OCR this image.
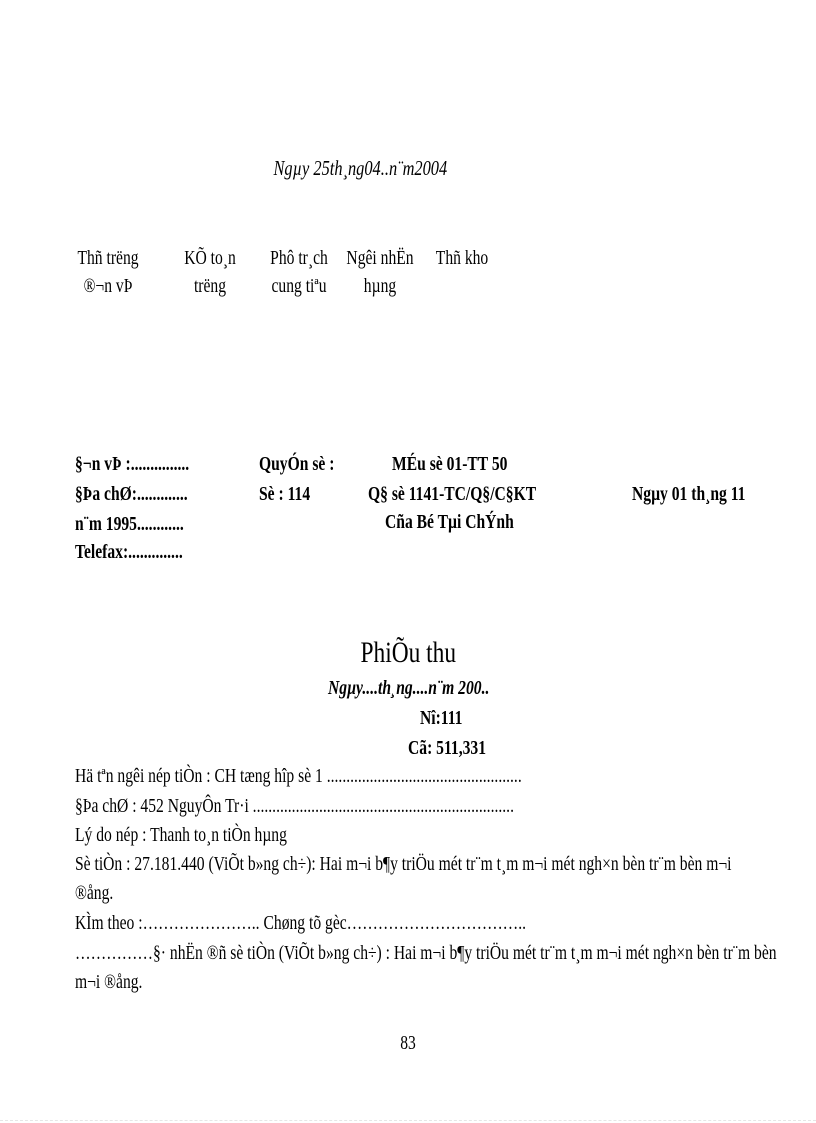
Ngµy 25th¸ng04..n¨m2004
Thñ trëng
®¬n vÞ
KÕ to¸n
trëng
Phô tr¸ch
cung tiªu
Ngêi nhËn
hµng
Thñ kho
§¬n vÞ :...............
§Þa chØ:.............
n¨m 1995............
Telefax:..............
QuyÓn sè :
Sè : 114
MÉu sè 01-TT 50
Q§ sè 1141-TC/Q§/C§KT
Cña Bé Tµi ChÝnh
Ngµy 01 th¸ng 11
PhiÕu thu
Ngµy....th¸ng....n¨m 200..
Nî:111
Cã: 511,331
Hä tªn ngêi nép tiÒn : CH tæng hîp sè 1 ..................................................
§Þa chØ : 452 NguyÔn Tr·i ...................................................................
Lý do nép : Thanh to¸n tiÒn hµng
Sè tiÒn : 27.181.440 (ViÕt b»ng ch÷): Hai m¬i b¶y triÖu mét tr¨m t¸m m¬i mét ngh×n bèn tr¨m bèn m¬i
®ång.
KÌm theo :………………….. Chøng tõ gèc……………………………..
……………§· nhËn ®ñ sè tiÒn (ViÕt b»ng ch÷) : Hai m¬i b¶y triÖu mét tr¨m t¸m m¬i mét ngh×n bèn tr¨m bèn
m¬i ®ång.
83
